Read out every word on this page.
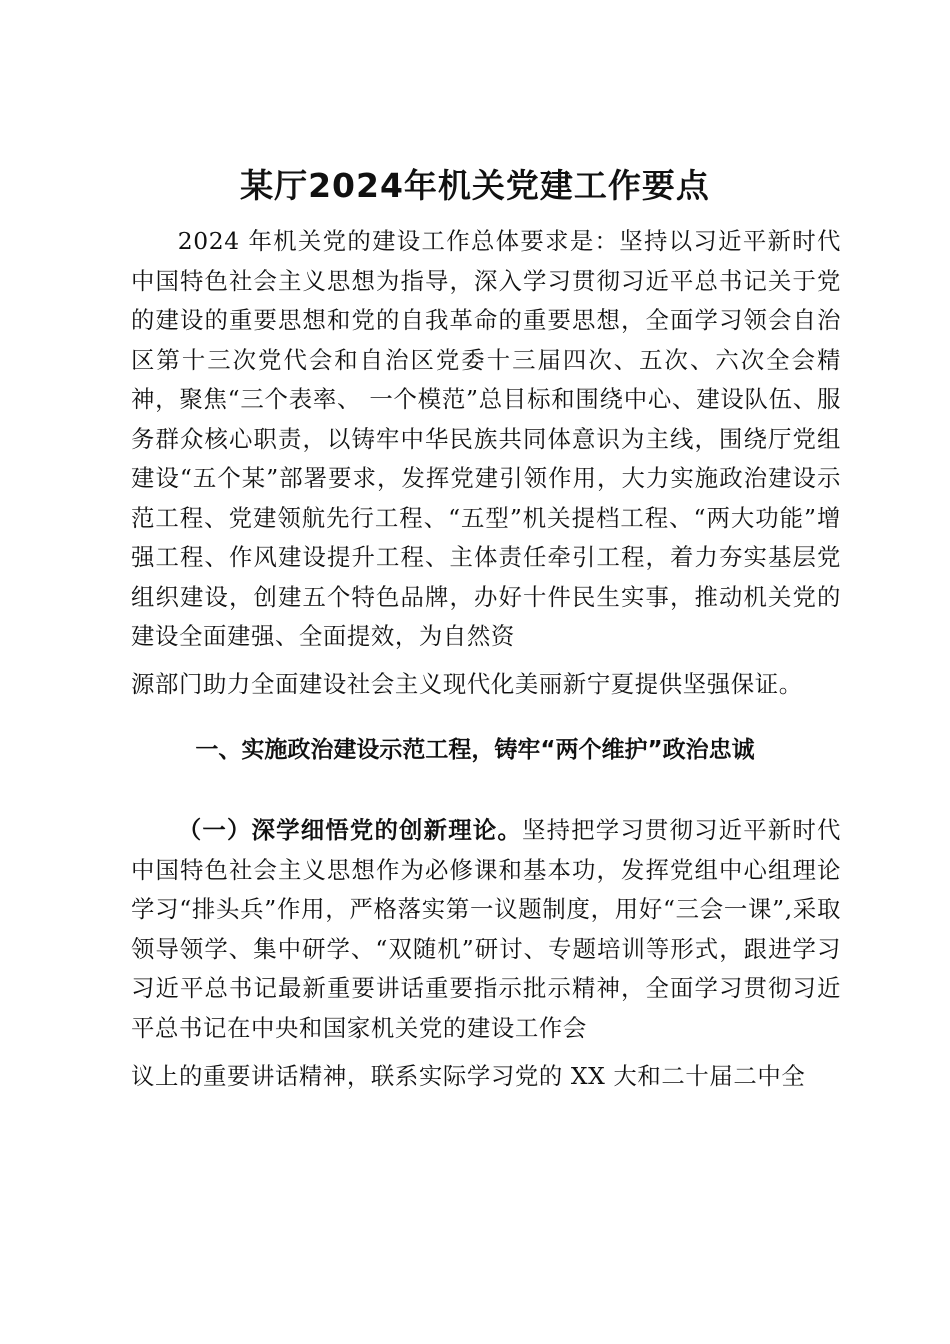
某厅2024年机关党建工作要点

2024 年机关党的建设工作总体要求是：坚持以习近平新时代中国特色社会主义思想为指导，深入学习贯彻习近平总书记关于党的建设的重要思想和党的自我革命的重要思想，全面学习领会自治区第十三次党代会和自治区党委十三届四次、五次、六次全会精神，聚焦“三个表率、 一个模范”总目标和围绕中心、建设队伍、服务群众核心职责，以铸牢中华民族共同体意识为主线，围绕厅党组建设“五个某”部署要求，发挥党建引领作用，大力实施政治建设示范工程、党建领航先行工程、“五型”机关提档工程、“两大功能”增强工程、作风建设提升工程、主体责任牵引工程，着力夯实基层党组织建设，创建五个特色品牌，办好十件民生实事，推动机关党的建设全面建强、全面提效，为自然资
源部门助力全面建设社会主义现代化美丽新宁夏提供坚强保证。

一、实施政治建设示范工程，铸牢“两个维护”政治忠诚

（一）深学细悟党的创新理论。坚持把学习贯彻习近平新时代中国特色社会主义思想作为必修课和基本功，发挥党组中心组理论学习“排头兵”作用，严格落实第一议题制度，用好“三会一课”,采取领导领学、集中研学、“双随机”研讨、专题培训等形式，跟进学习习近平总书记最新重要讲话重要指示批示精神，全面学习贯彻习近平总书记在中央和国家机关党的建设工作会
议上的重要讲话精神，联系实际学习党的 XX 大和二十届二中全
